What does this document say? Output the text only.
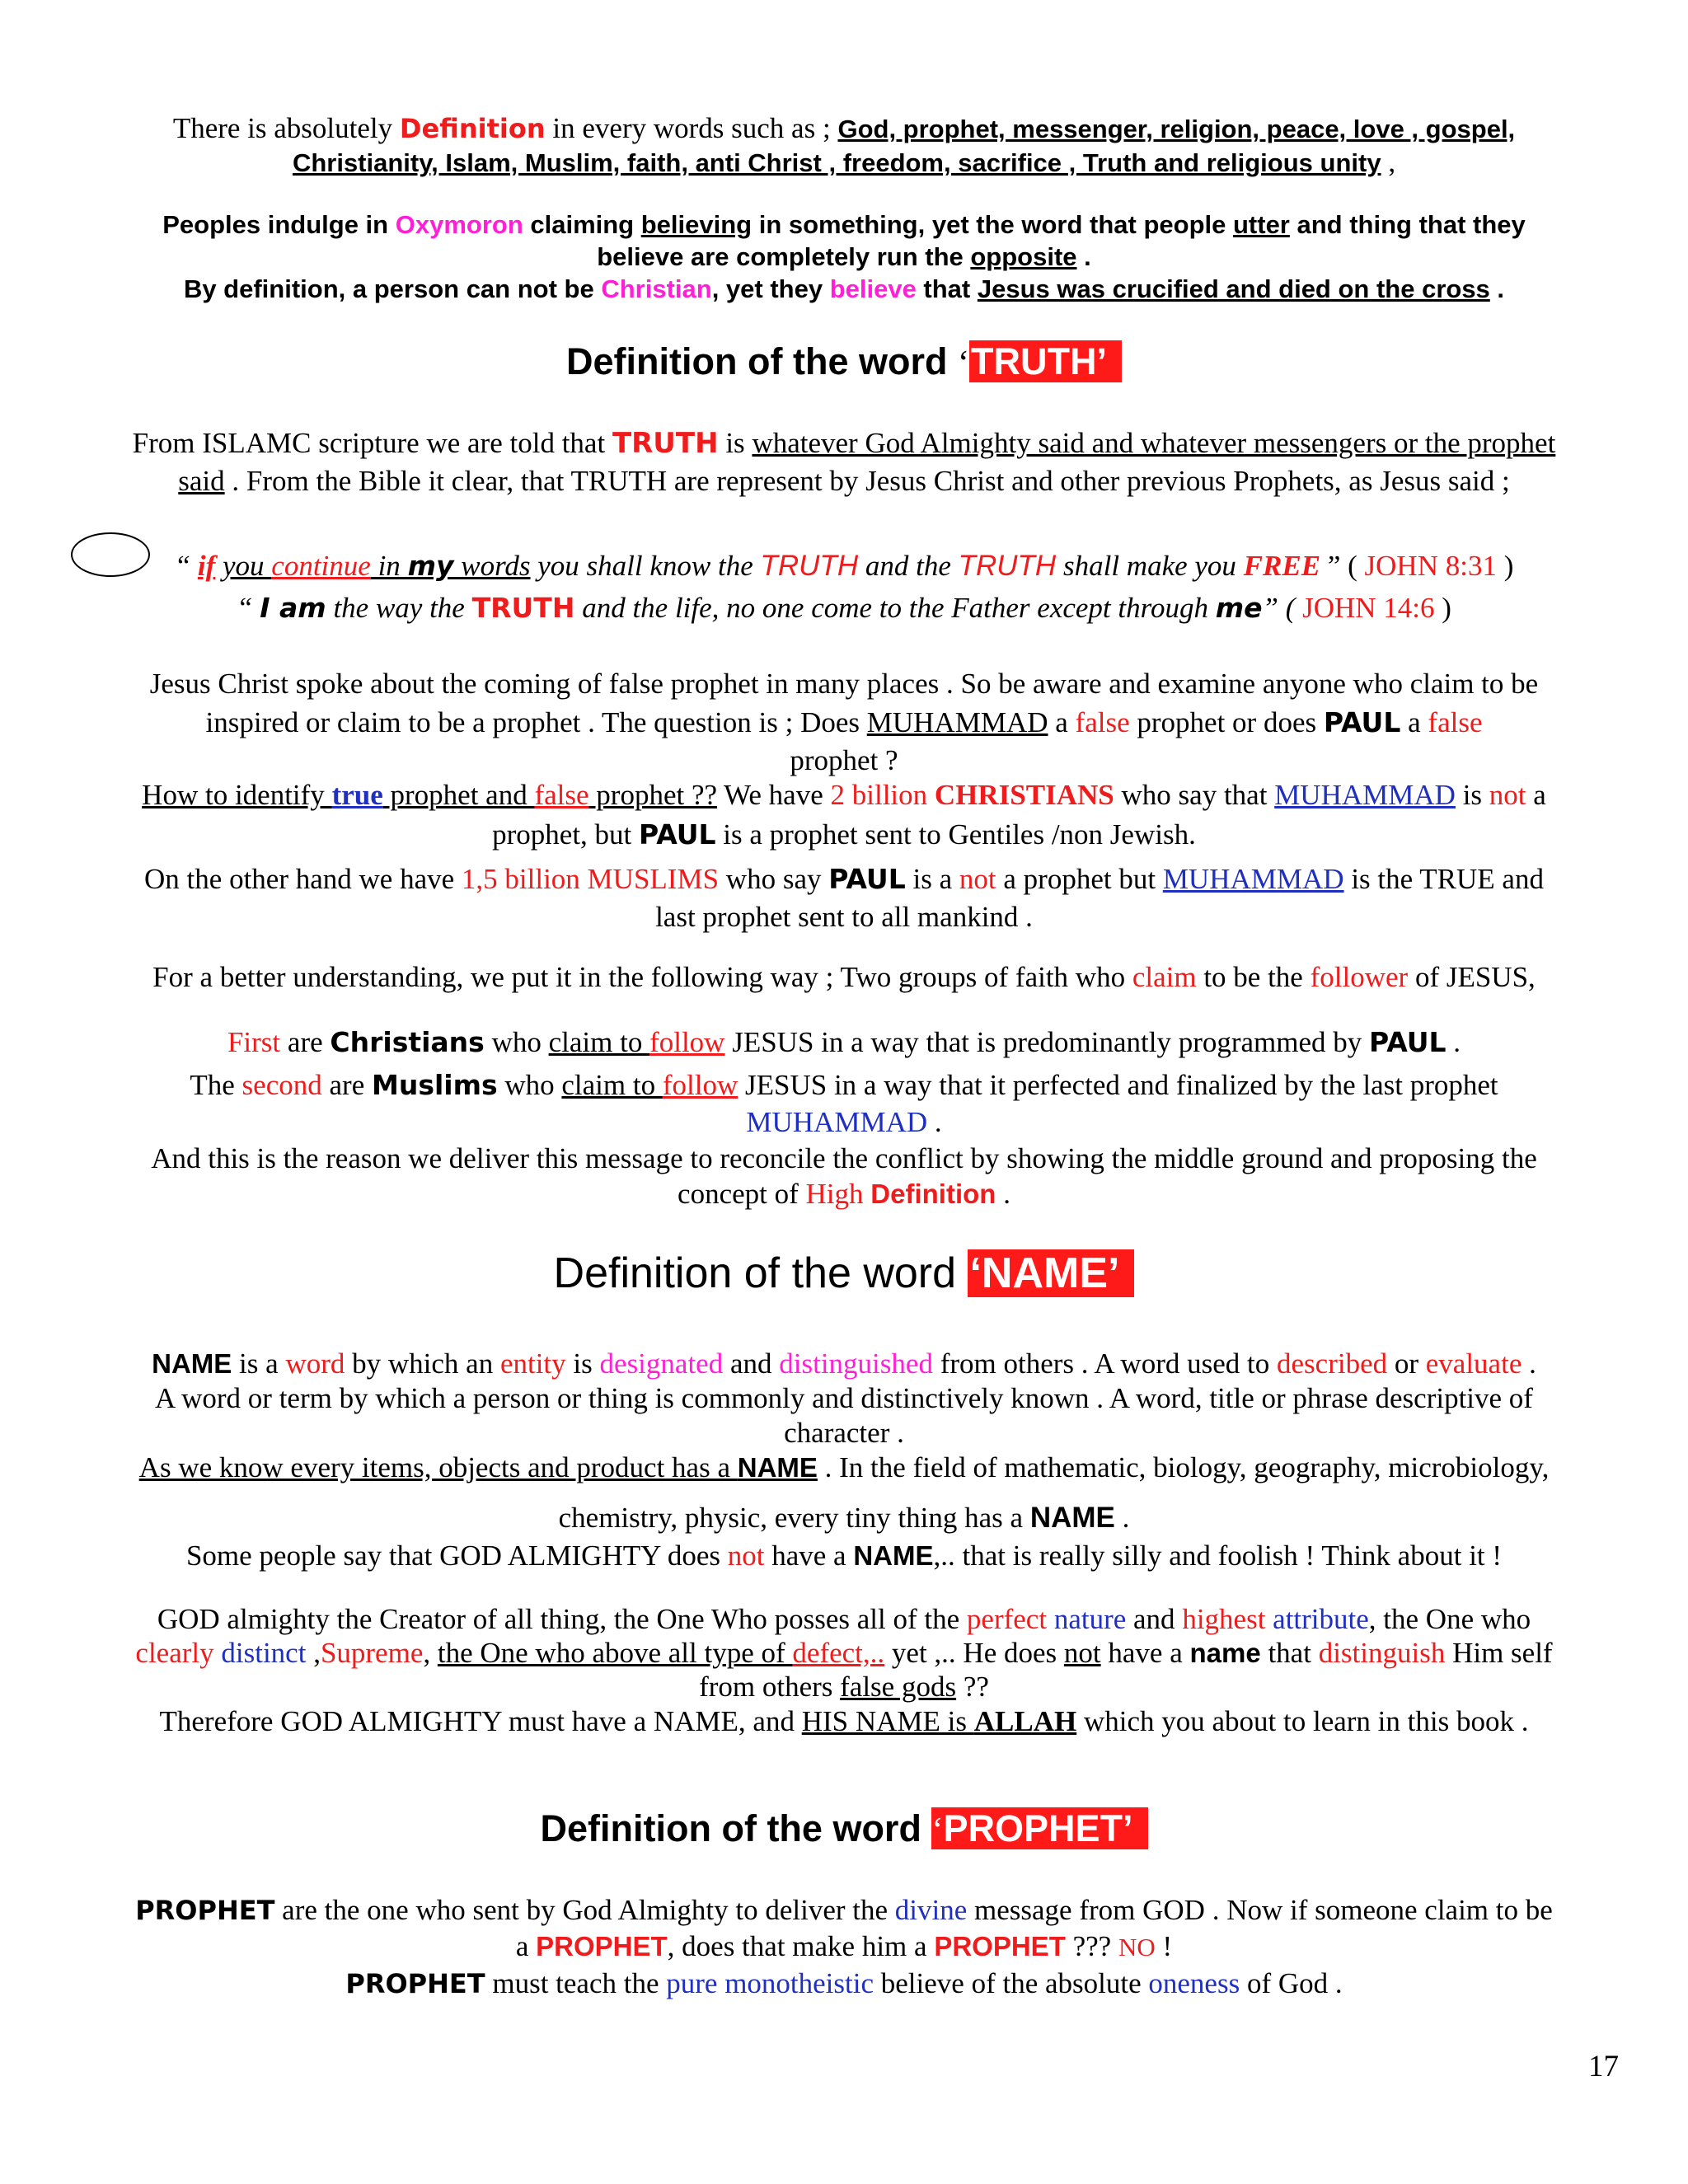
There is absolutely Definition in every words such as ; God, prophet, messenger, religion, peace, love , gospel,
Christianity, Islam, Muslim, faith, anti Christ , freedom, sacrifice , Truth and religious unity ,
Peoples indulge in Oxymoron claiming believing in something, yet the word that people utter and thing that they
believe are completely run the opposite .
By definition, a person can not be Christian, yet they believe that Jesus was crucified and died on the cross .
Definition of the word ‘TRUTH’
From ISLAMC scripture we are told that TRUTH is whatever God Almighty said and whatever messengers or the prophet
said . From the Bible it clear, that TRUTH are represent by Jesus Christ and other previous Prophets, as Jesus said ;
“ if you continue in my words you shall know the TRUTH and the TRUTH shall make you FREE ” ( JOHN 8:31 )
“ I am the way the TRUTH and the life, no one come to the Father except through me” ( JOHN 14:6 )
Jesus Christ spoke about the coming of false prophet in many places . So be aware and examine anyone who claim to be
inspired or claim to be a prophet . The question is ; Does MUHAMMAD a false prophet or does PAUL a false
prophet ?
How to identify true prophet and false prophet ?? We have 2 billion CHRISTIANS who say that MUHAMMAD is not a
prophet, but PAUL is a prophet sent to Gentiles /non Jewish.
On the other hand we have 1,5 billion MUSLIMS who say PAUL is a not a prophet but MUHAMMAD is the TRUE and
last prophet sent to all mankind .
For a better understanding, we put it in the following way ; Two groups of faith who claim to be the follower of JESUS,
First are Christians who claim to follow JESUS in a way that is predominantly programmed by PAUL .
The second are Muslims who claim to follow JESUS in a way that it perfected and finalized by the last prophet
MUHAMMAD .
And this is the reason we deliver this message to reconcile the conflict by showing the middle ground and proposing the
concept of High Definition .
Definition of the word ‘NAME’
NAME is a word by which an entity is designated and distinguished from others . A word used to described or evaluate .
A word or term by which a person or thing is commonly and distinctively known . A word, title or phrase descriptive of
character .
As we know every items, objects and product has a NAME . In the field of mathematic, biology, geography, microbiology,
chemistry, physic, every tiny thing has a NAME .
Some people say that GOD ALMIGHTY does not have a NAME,.. that is really silly and foolish ! Think about it !
GOD almighty the Creator of all thing, the One Who posses all of the perfect nature and highest attribute, the One who
clearly distinct ,Supreme, the One who above all type of defect,.. yet ,.. He does not have a name that distinguish Him self
from others false gods ??
Therefore GOD ALMIGHTY must have a NAME, and HIS NAME is ALLAH which you about to learn in this book .
Definition of the word ‘PROPHET’
PROPHET are the one who sent by God Almighty to deliver the divine message from GOD . Now if someone claim to be
a PROPHET, does that make him a PROPHET ??? NO !
PROPHET must teach the pure monotheistic believe of the absolute oneness of God .
17
